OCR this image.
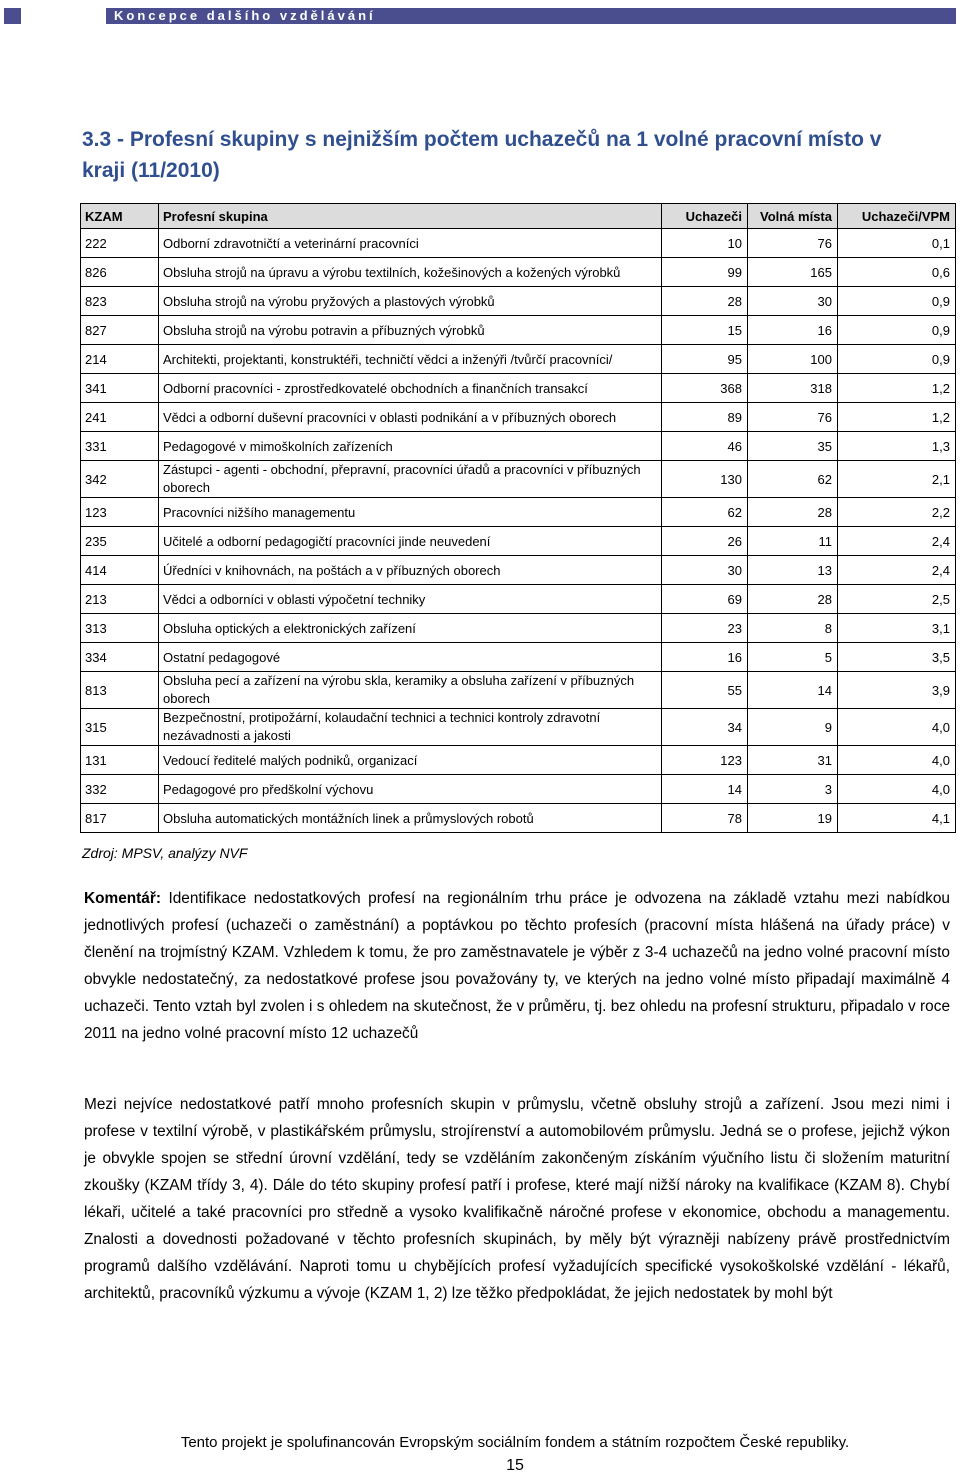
Koncepce dalšího vzdělávání
3.3 - Profesní skupiny s nejnižším počtem uchazečů na 1 volné pracovní místo v kraji (11/2010)
KZAM	Profesní skupina	Uchazeči	Volná místa	Uchazeči/VPM
222	Odborní zdravotničtí a veterinární pracovníci	10	76	0,1
826	Obsluha strojů na úpravu a výrobu textilních, kožešinových a kožených výrobků	99	165	0,6
823	Obsluha strojů na výrobu pryžových a plastových výrobků	28	30	0,9
827	Obsluha strojů na výrobu potravin a příbuzných výrobků	15	16	0,9
214	Architekti, projektanti, konstruktéři, techničtí vědci a inženýři /tvůrčí pracovníci/	95	100	0,9
341	Odborní pracovníci - zprostředkovatelé obchodních a finančních transakcí	368	318	1,2
241	Vědci a odborní duševní pracovníci v oblasti podnikání a v příbuzných oborech	89	76	1,2
331	Pedagogové v mimoškolních zařízeních	46	35	1,3
342	Zástupci - agenti - obchodní, přepravní, pracovníci úřadů a pracovníci v příbuzných oborech	130	62	2,1
123	Pracovníci nižšího managementu	62	28	2,2
235	Učitelé a odborní pedagogičtí pracovníci jinde neuvedení	26	11	2,4
414	Úředníci v knihovnách, na poštách a v příbuzných oborech	30	13	2,4
213	Vědci a odborníci v oblasti výpočetní techniky	69	28	2,5
313	Obsluha optických a elektronických zařízení	23	8	3,1
334	Ostatní pedagogové	16	5	3,5
813	Obsluha pecí a zařízení na výrobu skla, keramiky a obsluha zařízení v příbuzných oborech	55	14	3,9
315	Bezpečnostní, protipožární, kolaudační technici a technici kontroly zdravotní nezávadnosti a jakosti	34	9	4,0
131	Vedoucí ředitelé malých podniků, organizací	123	31	4,0
332	Pedagogové pro předškolní výchovu	14	3	4,0
817	Obsluha automatických montážních linek a průmyslových robotů	78	19	4,1
Zdroj: MPSV, analýzy NVF
Komentář: Identifikace nedostatkových profesí na regionálním trhu práce je odvozena na základě vztahu mezi nabídkou jednotlivých profesí (uchazeči o zaměstnání) a poptávkou po těchto profesích (pracovní místa hlášená na úřady práce) v členění na trojmístný KZAM. Vzhledem k tomu, že pro zaměstnavatele je výběr z 3-4 uchazečů na jedno volné pracovní místo obvykle nedostatečný, za nedostatkové profese jsou považovány ty, ve kterých na jedno volné místo připadají maximálně 4 uchazeči. Tento vztah byl zvolen i s ohledem na skutečnost, že v průměru, tj. bez ohledu na profesní strukturu, připadalo v roce 2011 na jedno volné pracovní místo 12 uchazečů
Mezi nejvíce nedostatkové patří mnoho profesních skupin v průmyslu, včetně obsluhy strojů a zařízení. Jsou mezi nimi i profese v textilní výrobě, v plastikářském průmyslu, strojírenství a automobilovém průmyslu. Jedná se o profese, jejichž výkon je obvykle spojen se střední úrovní vzdělání, tedy se vzděláním zakončeným získáním výučního listu či složením maturitní zkoušky (KZAM třídy 3, 4). Dále do této skupiny profesí patří i profese, které mají nižší nároky na kvalifikace (KZAM 8). Chybí lékaři, učitelé a také pracovníci pro středně a vysoko kvalifikačně náročné profese v ekonomice, obchodu a managementu. Znalosti a dovednosti požadované v těchto profesních skupinách, by měly být výrazněji nabízeny právě prostřednictvím programů dalšího vzdělávání. Naproti tomu u chybějících profesí vyžadujících specifické vysokoškolské vzdělání - lékařů, architektů, pracovníků výzkumu a vývoje (KZAM 1, 2) lze těžko předpokládat, že jejich nedostatek by mohl být
Tento projekt je spolufinancován Evropským sociálním fondem a státním rozpočtem České republiky.
15
